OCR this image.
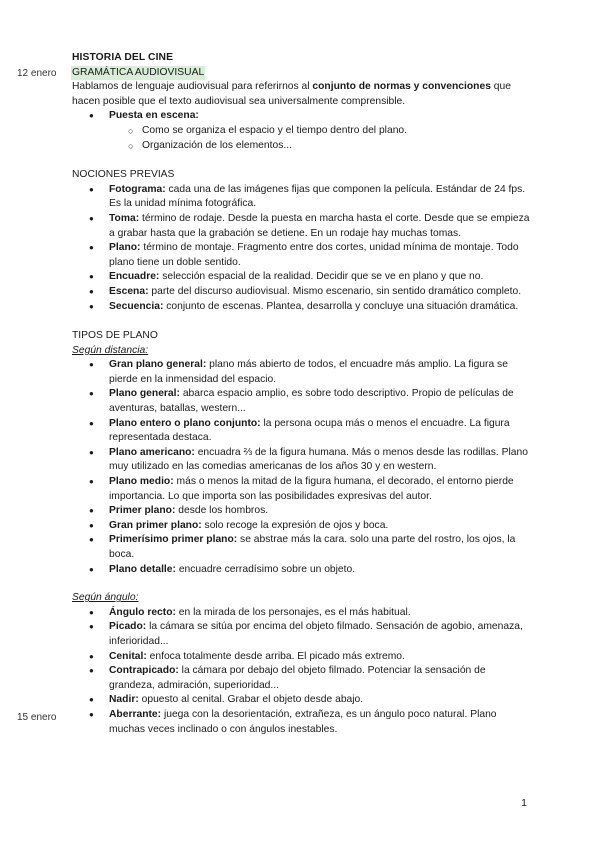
12 enero
15 enero
HISTORIA DEL CINE
GRAMÁTICA AUDIOVISUAL
Hablamos de lenguaje audiovisual para referirnos al conjunto de normas y convenciones que hacen posible que el texto audiovisual sea universalmente comprensible.
● Puesta en escena:
○ Como se organiza el espacio y el tiempo dentro del plano.
○ Organización de los elementos...
NOCIONES PREVIAS
● Fotograma: cada una de las imágenes fijas que componen la película. Estándar de 24 fps. Es la unidad mínima fotográfica.
● Toma: término de rodaje. Desde la puesta en marcha hasta el corte. Desde que se empieza a grabar hasta que la grabación se detiene. En un rodaje hay muchas tomas.
● Plano: término de montaje. Fragmento entre dos cortes, unidad mínima de montaje. Todo plano tiene un doble sentido.
● Encuadre: selección espacial de la realidad. Decidir que se ve en plano y que no.
● Escena: parte del discurso audiovisual. Mismo escenario, sin sentido dramático completo.
● Secuencia: conjunto de escenas. Plantea, desarrolla y concluye una situación dramática.
TIPOS DE PLANO
Según distancia:
● Gran plano general: plano más abierto de todos, el encuadre más amplio. La figura se pierde en la inmensidad del espacio.
● Plano general: abarca espacio amplio, es sobre todo descriptivo. Propio de películas de aventuras, batallas, western...
● Plano entero o plano conjunto: la persona ocupa más o menos el encuadre. La figura representada destaca.
● Plano americano: encuadra ⅔ de la figura humana. Más o menos desde las rodillas. Plano muy utilizado en las comedias americanas de los años 30 y en western.
● Plano medio: más o menos la mitad de la figura humana, el decorado, el entorno pierde importancia. Lo que importa son las posibilidades expresivas del autor.
● Primer plano: desde los hombros.
● Gran primer plano: solo recoge la expresión de ojos y boca.
● Primerísimo primer plano: se abstrae más la cara. solo una parte del rostro, los ojos, la boca.
● Plano detalle: encuadre cerradísimo sobre un objeto.
Según ángulo:
● Ángulo recto: en la mirada de los personajes, es el más habitual.
● Picado: la cámara se sitúa por encima del objeto filmado. Sensación de agobio, amenaza, inferioridad...
● Cenital: enfoca totalmente desde arriba. El picado más extremo.
● Contrapicado: la cámara por debajo del objeto filmado. Potenciar la sensación de grandeza, admiración, superioridad...
● Nadir: opuesto al cenital. Grabar el objeto desde abajo.
● Aberrante: juega con la desorientación, extrañeza, es un ángulo poco natural. Plano muchas veces inclinado o con ángulos inestables.
1
